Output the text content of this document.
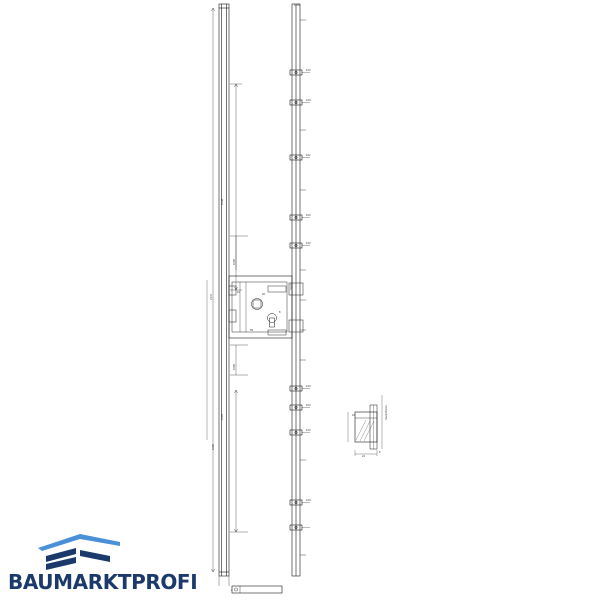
1200
2170
1048
1085
1085
1085
1085
160
160
162
160
160
Stulp
160
160
160
160
92
8
55
10
2
16
24
6
Stulp-Breite
BAUMARKTPROFI
